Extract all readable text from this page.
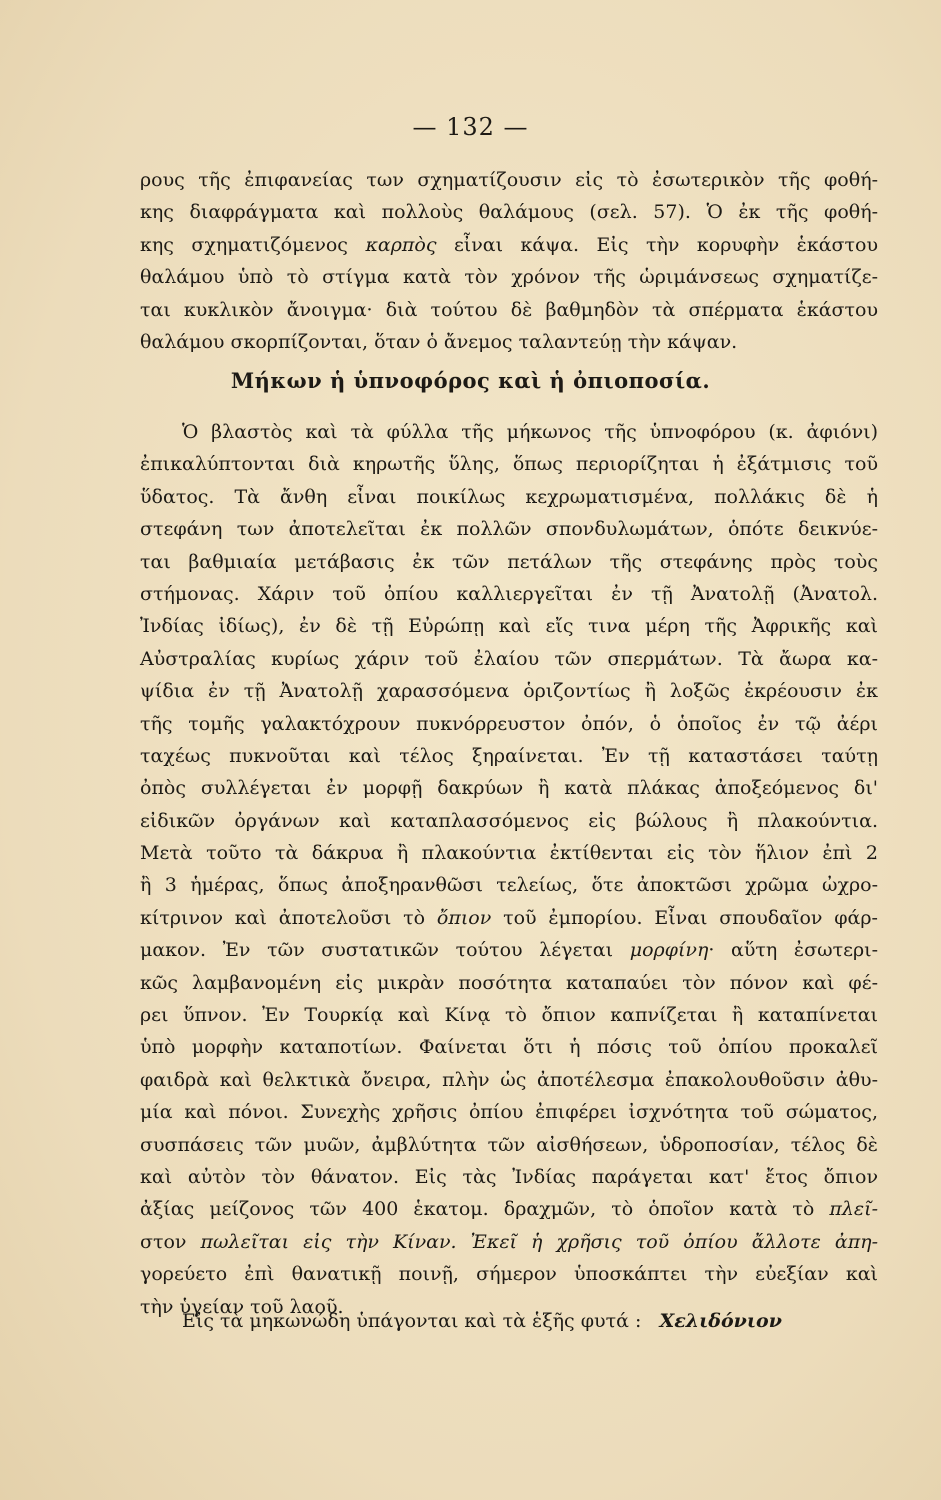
— 132 —
ρους τῆς ἐπιφανείας των σχηματίζουσιν εἰς τὸ ἐσωτερικὸν τῆς φοθή-
κης διαφράγματα καὶ πολλοὺς θαλάμους (σελ. 57). Ὁ ἐκ τῆς φοθή-
κης σχηματιζόμενος καρπὸς εἶναι κάψα. Εἰς τὴν κορυφὴν ἑκάστου
θαλάμου ὑπὸ τὸ στίγμα κατὰ τὸν χρόνον τῆς ὡριμάνσεως σχηματίζε-
ται κυκλικὸν ἄνοιγμα· διὰ τούτου δὲ βαθμηδὸν τὰ σπέρματα ἑκάστου
θαλάμου σκορπίζονται, ὅταν ὁ ἄνεμος ταλαντεύῃ τὴν κάψαν.
Μήκων ἡ ὑπνοφόρος καὶ ἡ ὀπιοποσία.
Ὁ βλαστὸς καὶ τὰ φύλλα τῆς μήκωνος τῆς ὑπνοφόρου (κ. ἀφιόνι)
ἐπικαλύπτονται διὰ κηρωτῆς ὕλης, ὅπως περιορίζηται ἡ ἐξάτμισις τοῦ
ὕδατος. Τὰ ἄνθη εἶναι ποικίλως κεχρωματισμένα, πολλάκις δὲ ἡ
στεφάνη των ἀποτελεῖται ἐκ πολλῶν σπονδυλωμάτων, ὁπότε δεικνύε-
ται βαθμιαία μετάβασις ἐκ τῶν πετάλων τῆς στεφάνης πρὸς τοὺς
στήμονας. Χάριν τοῦ ὀπίου καλλιεργεῖται ἐν τῇ Ἀνατολῇ (Ἀνατολ.
Ἰνδίας ἰδίως), ἐν δὲ τῇ Εὐρώπῃ καὶ εἴς τινα μέρη τῆς Ἀφρικῆς καὶ
Αὐστραλίας κυρίως χάριν τοῦ ἐλαίου τῶν σπερμάτων. Τὰ ἄωρα κα-
ψίδια ἐν τῇ Ἀνατολῇ χαρασσόμενα ὁριζοντίως ἢ λοξῶς ἐκρέουσιν ἐκ
τῆς τομῆς γαλακτόχρουν πυκνόρρευστον ὀπόν, ὁ ὁποῖος ἐν τῷ ἀέρι
ταχέως πυκνοῦται καὶ τέλος ξηραίνεται. Ἐν τῇ καταστάσει ταύτῃ
ὀπὸς συλλέγεται ἐν μορφῇ δακρύων ἢ κατὰ πλάκας ἀποξεόμενος δι'
εἰδικῶν ὀργάνων καὶ καταπλασσόμενος εἰς βώλους ἢ πλακούντια.
Μετὰ τοῦτο τὰ δάκρυα ἢ πλακούντια ἐκτίθενται εἰς τὸν ἥλιον ἐπὶ 2
ἢ 3 ἡμέρας, ὅπως ἀποξηρανθῶσι τελείως, ὅτε ἀποκτῶσι χρῶμα ὠχρο-
κίτρινον καὶ ἀποτελοῦσι τὸ ὄπιον τοῦ ἐμπορίου. Εἶναι σπουδαῖον φάρ-
μακον. Ἐν τῶν συστατικῶν τούτου λέγεται μορφίνη· αὕτη ἐσωτερι-
κῶς λαμβανομένη εἰς μικρὰν ποσότητα καταπαύει τὸν πόνον καὶ φέ-
ρει ὕπνον. Ἐν Τουρκίᾳ καὶ Κίνᾳ τὸ ὄπιον καπνίζεται ἢ καταπίνεται
ὑπὸ μορφὴν καταποτίων. Φαίνεται ὅτι ἡ πόσις τοῦ ὀπίου προκαλεῖ
φαιδρὰ καὶ θελκτικὰ ὄνειρα, πλὴν ὡς ἀποτέλεσμα ἐπακολουθοῦσιν ἀθυ-
μία καὶ πόνοι. Συνεχὴς χρῆσις ὀπίου ἐπιφέρει ἰσχνότητα τοῦ σώματος,
συσπάσεις τῶν μυῶν, ἀμβλύτητα τῶν αἰσθήσεων, ὑδροποσίαν, τέλος δὲ
καὶ αὐτὸν τὸν θάνατον. Εἰς τὰς Ἰνδίας παράγεται κατ' ἔτος ὄπιον
ἀξίας μείζονος τῶν 400 ἑκατομ. δραχμῶν, τὸ ὁποῖον κατὰ τὸ πλεῖ-
στον πωλεῖται εἰς τὴν Κίναν. Ἐκεῖ ἡ χρῆσις τοῦ ὀπίου ἄλλοτε ἀπη-
γορεύετο ἐπὶ θανατικῇ ποινῇ, σήμερον ὑποσκάπτει τὴν εὐεξίαν καὶ
τὴν ὑγείαν τοῦ λαοῦ.
Εἰς τὰ μηκωνώδη ὑπάγονται καὶ τὰ ἑξῆς φυτά : Χελιδόνιον
